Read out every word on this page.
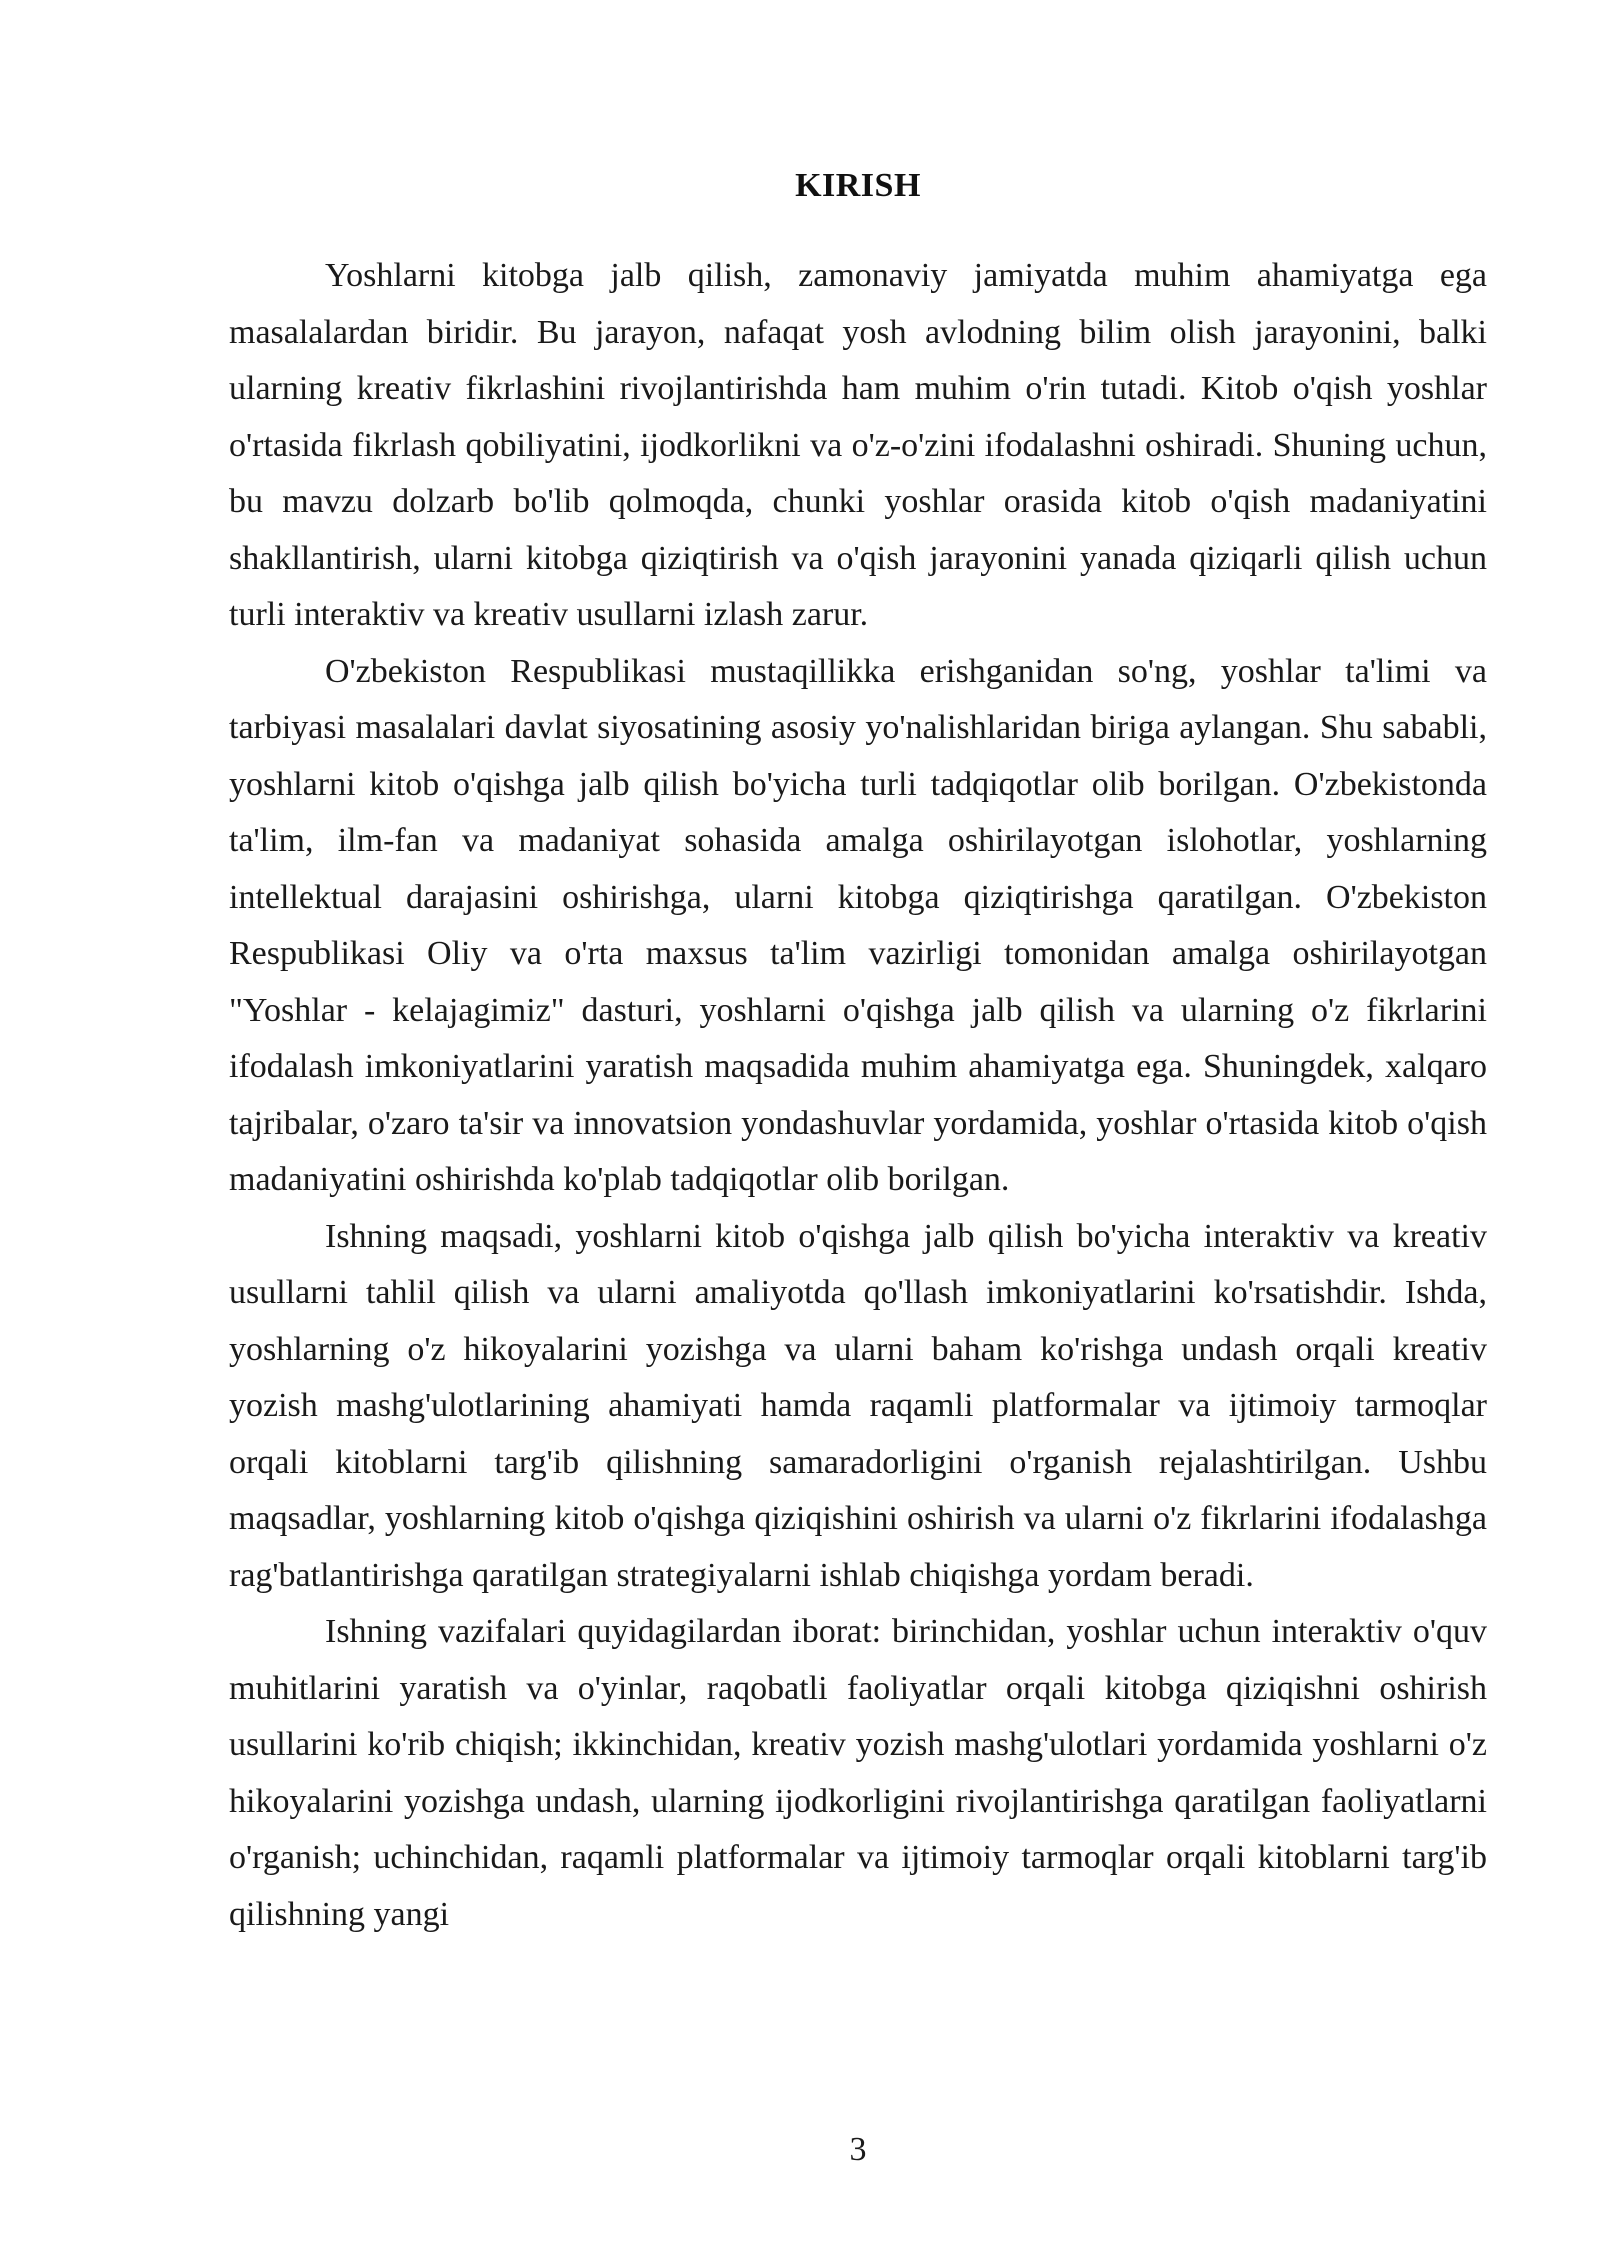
KIRISH

Yoshlarni kitobga jalb qilish, zamonaviy jamiyatda muhim ahamiyatga ega masalalardan biridir. Bu jarayon, nafaqat yosh avlodning bilim olish jarayonini, balki ularning kreativ fikrlashini rivojlantirishda ham muhim o'rin tutadi. Kitob o'qish yoshlar o'rtasida fikrlash qobiliyatini, ijodkorlikni va o'z-o'zini ifodalashni oshiradi. Shuning uchun, bu mavzu dolzarb bo'lib qolmoqda, chunki yoshlar orasida kitob o'qish madaniyatini shakllantirish, ularni kitobga qiziqtirish va o'qish jarayonini yanada qiziqarli qilish uchun turli interaktiv va kreativ usullarni izlash zarur.

O'zbekiston Respublikasi mustaqillikka erishganidan so'ng, yoshlar ta'limi va tarbiyasi masalalari davlat siyosatining asosiy yo'nalishlaridan biriga aylangan. Shu sababli, yoshlarni kitob o'qishga jalb qilish bo'yicha turli tadqiqotlar olib borilgan. O'zbekistonda ta'lim, ilm-fan va madaniyat sohasida amalga oshirilayotgan islohotlar, yoshlarning intellektual darajasini oshirishga, ularni kitobga qiziqtirishga qaratilgan. O'zbekiston Respublikasi Oliy va o'rta maxsus ta'lim vazirligi tomonidan amalga oshirilayotgan "Yoshlar - kelajagimiz" dasturi, yoshlarni o'qishga jalb qilish va ularning o'z fikrlarini ifodalash imkoniyatlarini yaratish maqsadida muhim ahamiyatga ega. Shuningdek, xalqaro tajribalar, o'zaro ta'sir va innovatsion yondashuvlar yordamida, yoshlar o'rtasida kitob o'qish madaniyatini oshirishda ko'plab tadqiqotlar olib borilgan.

Ishning maqsadi, yoshlarni kitob o'qishga jalb qilish bo'yicha interaktiv va kreativ usullarni tahlil qilish va ularni amaliyotda qo'llash imkoniyatlarini ko'rsatishdir. Ishda, yoshlarning o'z hikoyalarini yozishga va ularni baham ko'rishga undash orqali kreativ yozish mashg'ulotlarining ahamiyati hamda raqamli platformalar va ijtimoiy tarmoqlar orqali kitoblarni targ'ib qilishning samaradorligini o'rganish rejalashtirilgan. Ushbu maqsadlar, yoshlarning kitob o'qishga qiziqishini oshirish va ularni o'z fikrlarini ifodalashga rag'batlantirishga qaratilgan strategiyalarni ishlab chiqishga yordam beradi.

Ishning vazifalari quyidagilardan iborat: birinchidan, yoshlar uchun interaktiv o'quv muhitlarini yaratish va o'yinlar, raqobatli faoliyatlar orqali kitobga qiziqishni oshirish usullarini ko'rib chiqish; ikkinchidan, kreativ yozish mashg'ulotlari yordamida yoshlarni o'z hikoyalarini yozishga undash, ularning ijodkorligini rivojlantirishga qaratilgan faoliyatlarni o'rganish; uchinchidan, raqamli platformalar va ijtimoiy tarmoqlar orqali kitoblarni targ'ib qilishning yangi

3
